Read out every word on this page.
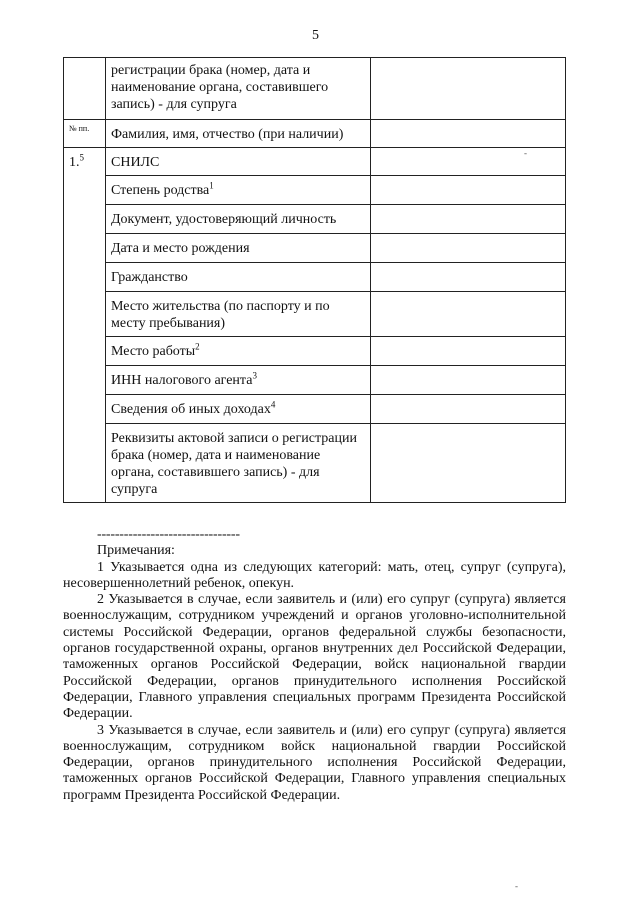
5
	регистрации брака (номер, дата и наименование органа, составившего запись) - для супруга	
№ пп.	Фамилия, имя, отчество (при наличии)	
1.$^5$	СНИЛС	
	Степень родства$^1$	
	Документ, удостоверяющий личность	
	Дата и место рождения	
	Гражданство	
	Место жительства (по паспорту и по месту пребывания)	
	Место работы$^2$	
	ИНН налогового агента$^3$	
	Сведения об иных доходах$^4$	
	Реквизиты актовой записи о регистрации брака (номер, дата и наименование органа, составившего запись) - для супруга	
--------------------------------
Примечания:

1 Указывается одна из следующих категорий: мать, отец, супруг (супруга), несовершеннолетний ребенок, опекун.

2 Указывается в случае, если заявитель и (или) его супруг (супруга) является военнослужащим, сотрудником учреждений и органов уголовно-исполнительной системы Российской Федерации, органов федеральной службы безопасности, органов государственной охраны, органов внутренних дел Российской Федерации, таможенных органов Российской Федерации, войск национальной гвардии Российской Федерации, органов принудительного исполнения Российской Федерации, Главного управления специальных программ Президента Российской Федерации.

3 Указывается в случае, если заявитель и (или) его супруг (супруга) является военнослужащим, сотрудником войск национальной гвардии Российской Федерации, органов принудительного исполнения Российской Федерации, таможенных органов Российской Федерации, Главного управления специальных программ Президента Российской Федерации.

-
-
